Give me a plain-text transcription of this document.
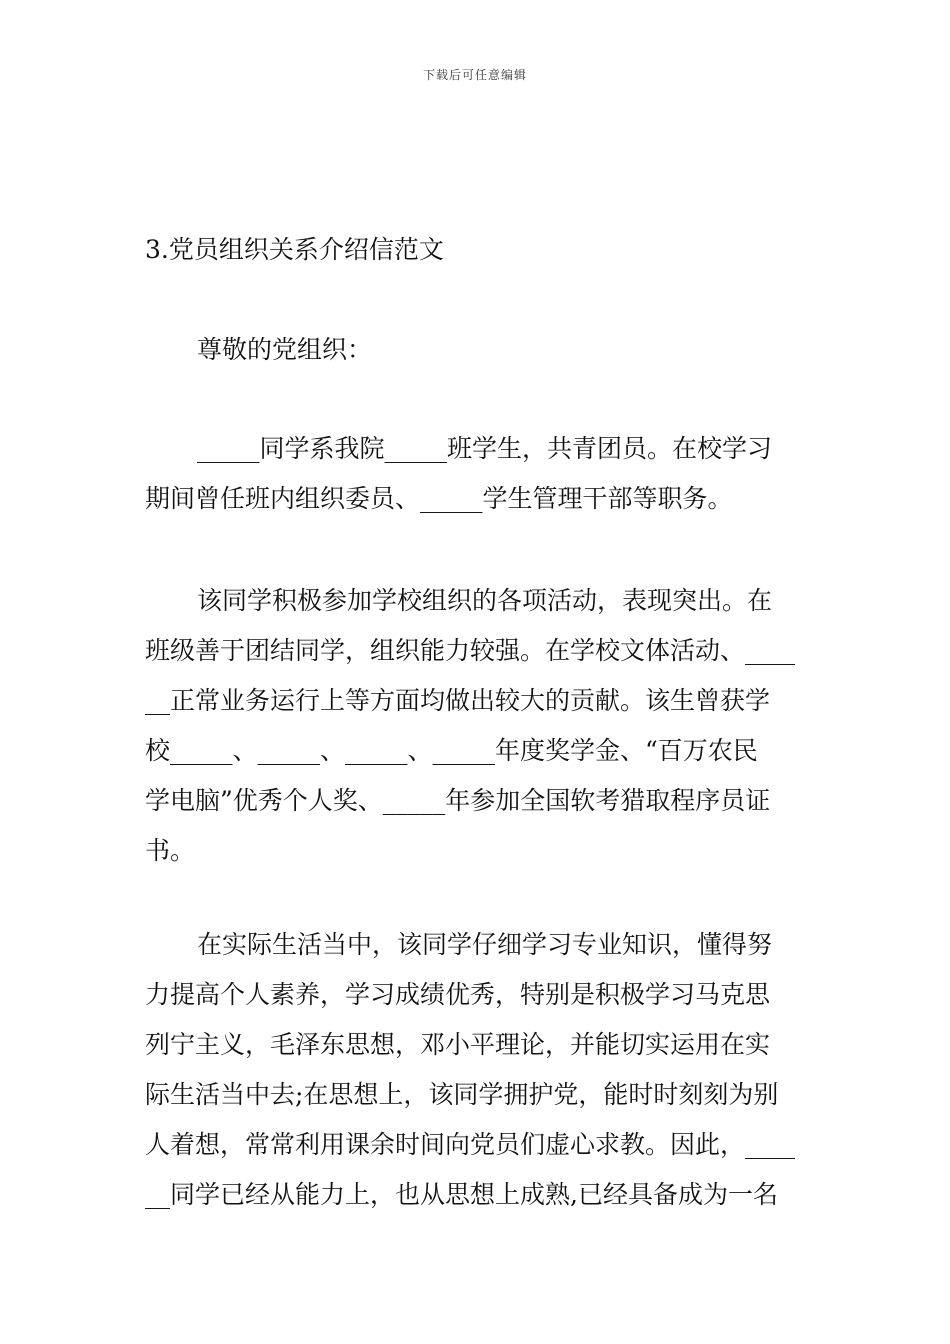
下载后可任意编辑
3.党员组织关系介绍信范文
尊敬的党组织：
_____同学系我院_____班学生，共青团员。在校学习
期间曾任班内组织委员、_____学生管理干部等职务。
该同学积极参加学校组织的各项活动，表现突出。在
班级善于团结同学，组织能力较强。在学校文体活动、____
__正常业务运行上等方面均做出较大的贡献。该生曾获学
校_____、_____、_____、_____年度奖学金、“百万农民
学电脑”优秀个人奖、_____年参加全国软考猎取程序员证
书。
在实际生活当中，该同学仔细学习专业知识，懂得努
力提高个人素养，学习成绩优秀，特别是积极学习马克思
列宁主义，毛泽东思想，邓小平理论，并能切实运用在实
际生活当中去;在思想上，该同学拥护党，能时时刻刻为别
人着想，常常利用课余时间向党员们虚心求教。因此，____
__同学已经从能力上，也从思想上成熟,已经具备成为一名
